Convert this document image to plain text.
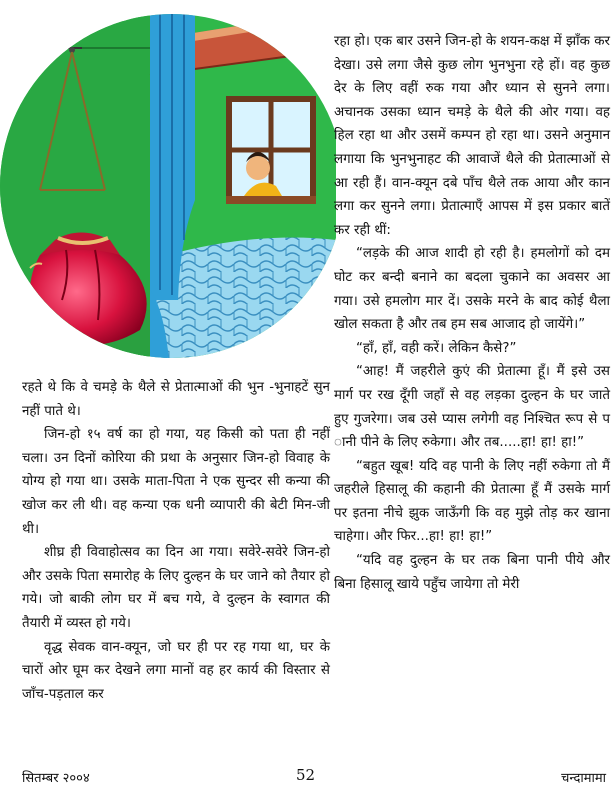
रहते थे कि वे चमड़े के थैले से प्रेतात्माओं की भुन -भुनाहटें सुन नहीं पाते थे।

जिन-हो १५ वर्ष का हो गया, यह किसी को पता ही नहीं चला। उन दिनों कोरिया की प्रथा के अनुसार जिन-हो विवाह के योग्य हो गया था। उसके माता-पिता ने एक सुन्दर सी कन्या की खोज कर ली थी। वह कन्या एक धनी व्यापारी की बेटी मिन-जी थी।

शीघ्र ही विवाहोत्सव का दिन आ गया। सवेरे-सवेरे जिन-हो और उसके पिता समारोह के लिए दुल्हन के घर जाने को तैयार हो गये। जो बाकी लोग घर में बच गये, वे दुल्हन के स्वागत की तैयारी में व्यस्त हो गये।

वृद्ध सेवक वान-क्यून, जो घर ही पर रह गया था, घर के चारों ओर घूम कर देखने लगा मानों वह हर कार्य की विस्तार से जाँच-पड़ताल कर

रहा हो। एक बार उसने जिन-हो के शयन-कक्ष में झाँक कर देखा। उसे लगा जैसे कुछ लोग भुनभुना रहे हों। वह कुछ देर के लिए वहीं रुक गया और ध्यान से सुनने लगा। अचानक उसका ध्यान चमड़े के थैले की ओर गया। वह हिल रहा था और उसमें कम्पन हो रहा था। उसने अनुमान लगाया कि भुनभुनाहट की आवाजें थैले की प्रेतात्माओं से आ रही हैं। वान-क्यून दबे पाँच थैले तक आया और कान लगा कर सुनने लगा। प्रेतात्माएँ आपस में इस प्रकार बातें कर रही थीं:

“लड़के की आज शादी हो रही है। हमलोगों को दम घोट कर बन्दी बनाने का बदला चुकाने का अवसर आ गया। उसे हमलोग मार दें। उसके मरने के बाद कोई थैला खोल सकता है और तब हम सब आजाद हो जायेंगे।”

“हाँ, हाँ, वही करें। लेकिन कैसे?”

“आह! मैं जहरीले कुएं की प्रेतात्मा हूँ। मैं इसे उस मार्ग पर रख दूँगी जहाँ से वह लड़का दुल्हन के घर जाते हुए गुजरेगा। जब उसे प्यास लगेगी वह निश्चित रूप से प ानी पीने के लिए रुकेगा। और तब.....हा! हा! हा!”

“बहुत खूब! यदि वह पानी के लिए नहीं रुकेगा तो मैं जहरीले हिसालू की कहानी की प्रेतात्मा हूँ मैं उसके मार्ग पर इतना नीचे झुक जाऊँगी कि वह मुझे तोड़ कर खाना चाहेगा। और फिर...हा! हा! हा!”

“यदि वह दुल्हन के घर तक बिना पानी पीये और बिना हिसालू खाये पहुँच जायेगा तो मेरी

सितम्बर २००४	52	चन्दामामा
